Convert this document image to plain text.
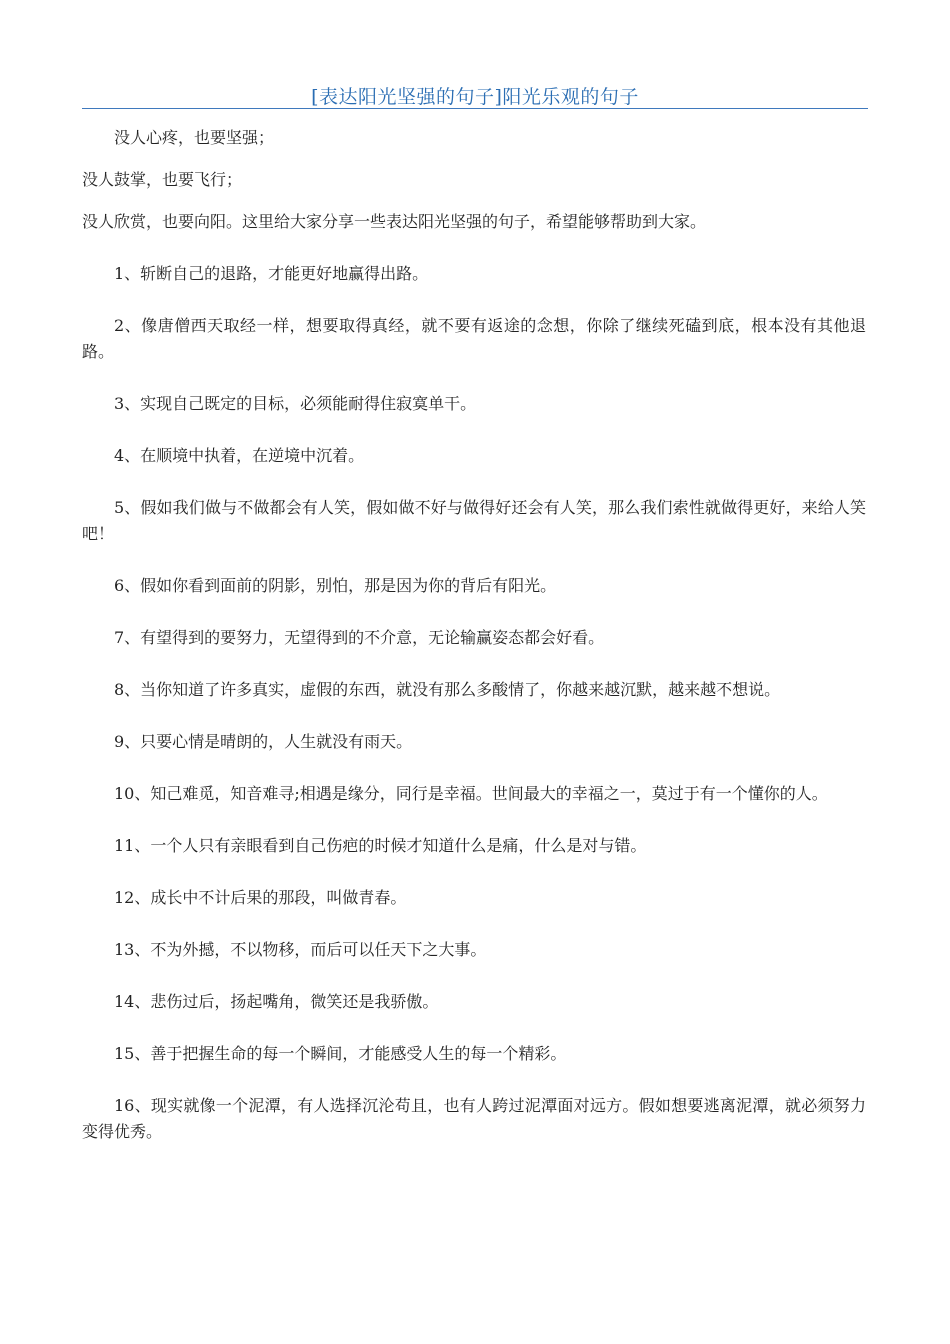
[表达阳光坚强的句子]阳光乐观的句子

没人心疼，也要坚强；

没人鼓掌，也要飞行；

没人欣赏，也要向阳。这里给大家分享一些表达阳光坚强的句子，希望能够帮助到大家。

1、斩断自己的退路，才能更好地赢得出路。

2、像唐僧西天取经一样，想要取得真经，就不要有返途的念想，你除了继续死磕到底，根本没有其他退路。

3、实现自己既定的目标，必须能耐得住寂寞单干。

4、在顺境中执着，在逆境中沉着。

5、假如我们做与不做都会有人笑，假如做不好与做得好还会有人笑，那么我们索性就做得更好，来给人笑吧！

6、假如你看到面前的阴影，别怕，那是因为你的背后有阳光。

7、有望得到的要努力，无望得到的不介意，无论输赢姿态都会好看。

8、当你知道了许多真实，虚假的东西，就没有那么多酸情了，你越来越沉默，越来越不想说。

9、只要心情是晴朗的，人生就没有雨天。

10、知己难觅，知音难寻;相遇是缘分，同行是幸福。世间最大的幸福之一，莫过于有一个懂你的人。

11、一个人只有亲眼看到自己伤疤的时候才知道什么是痛，什么是对与错。

12、成长中不计后果的那段，叫做青春。

13、不为外撼，不以物移，而后可以任天下之大事。

14、悲伤过后，扬起嘴角，微笑还是我骄傲。

15、善于把握生命的每一个瞬间，才能感受人生的每一个精彩。

16、现实就像一个泥潭，有人选择沉沦苟且，也有人跨过泥潭面对远方。假如想要逃离泥潭，就必须努力变得优秀。
